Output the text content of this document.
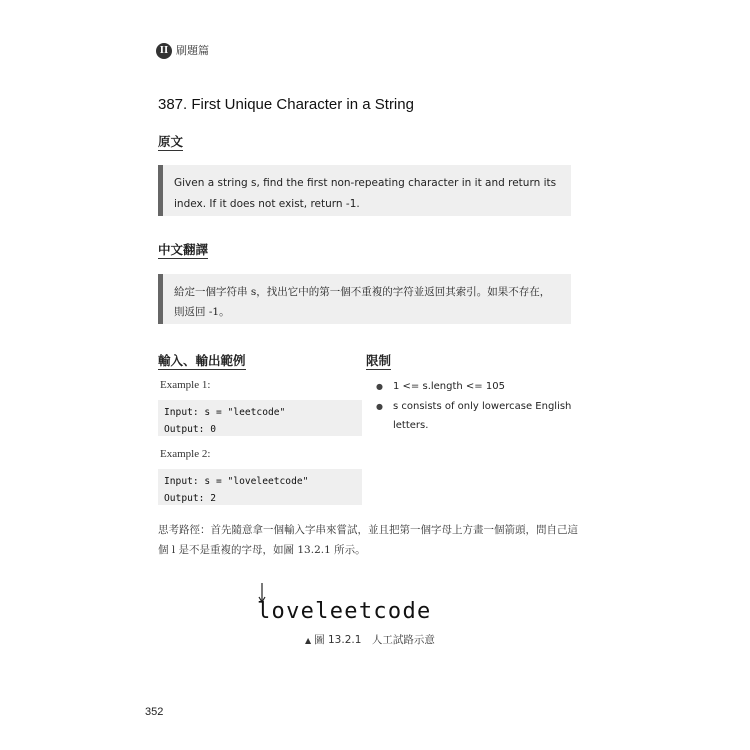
II 刷題篇
387. First Unique Character in a String
原文
Given a string s, find the first non-repeating character in it and return its index. If it does not exist, return -1.
中文翻譯
給定一個字符串 s，找出它中的第一個不重複的字符並返回其索引。如果不存在，則返回 -1。
輸入、輸出範例
Example 1:
Input: s = "leetcode"
Output: 0
Example 2:
Input: s = "loveleetcode"
Output: 2
限制
● 1 <= s.length <= 105
● s consists of only lowercase English letters.
思考路徑：首先隨意拿一個輸入字串來嘗試，並且把第一個字母上方畫一個箭頭，問自己這個 l 是不是重複的字母，如圖 13.2.1 所示。
loveleetcode
▲ 圖 13.2.1　人工試路示意
352
